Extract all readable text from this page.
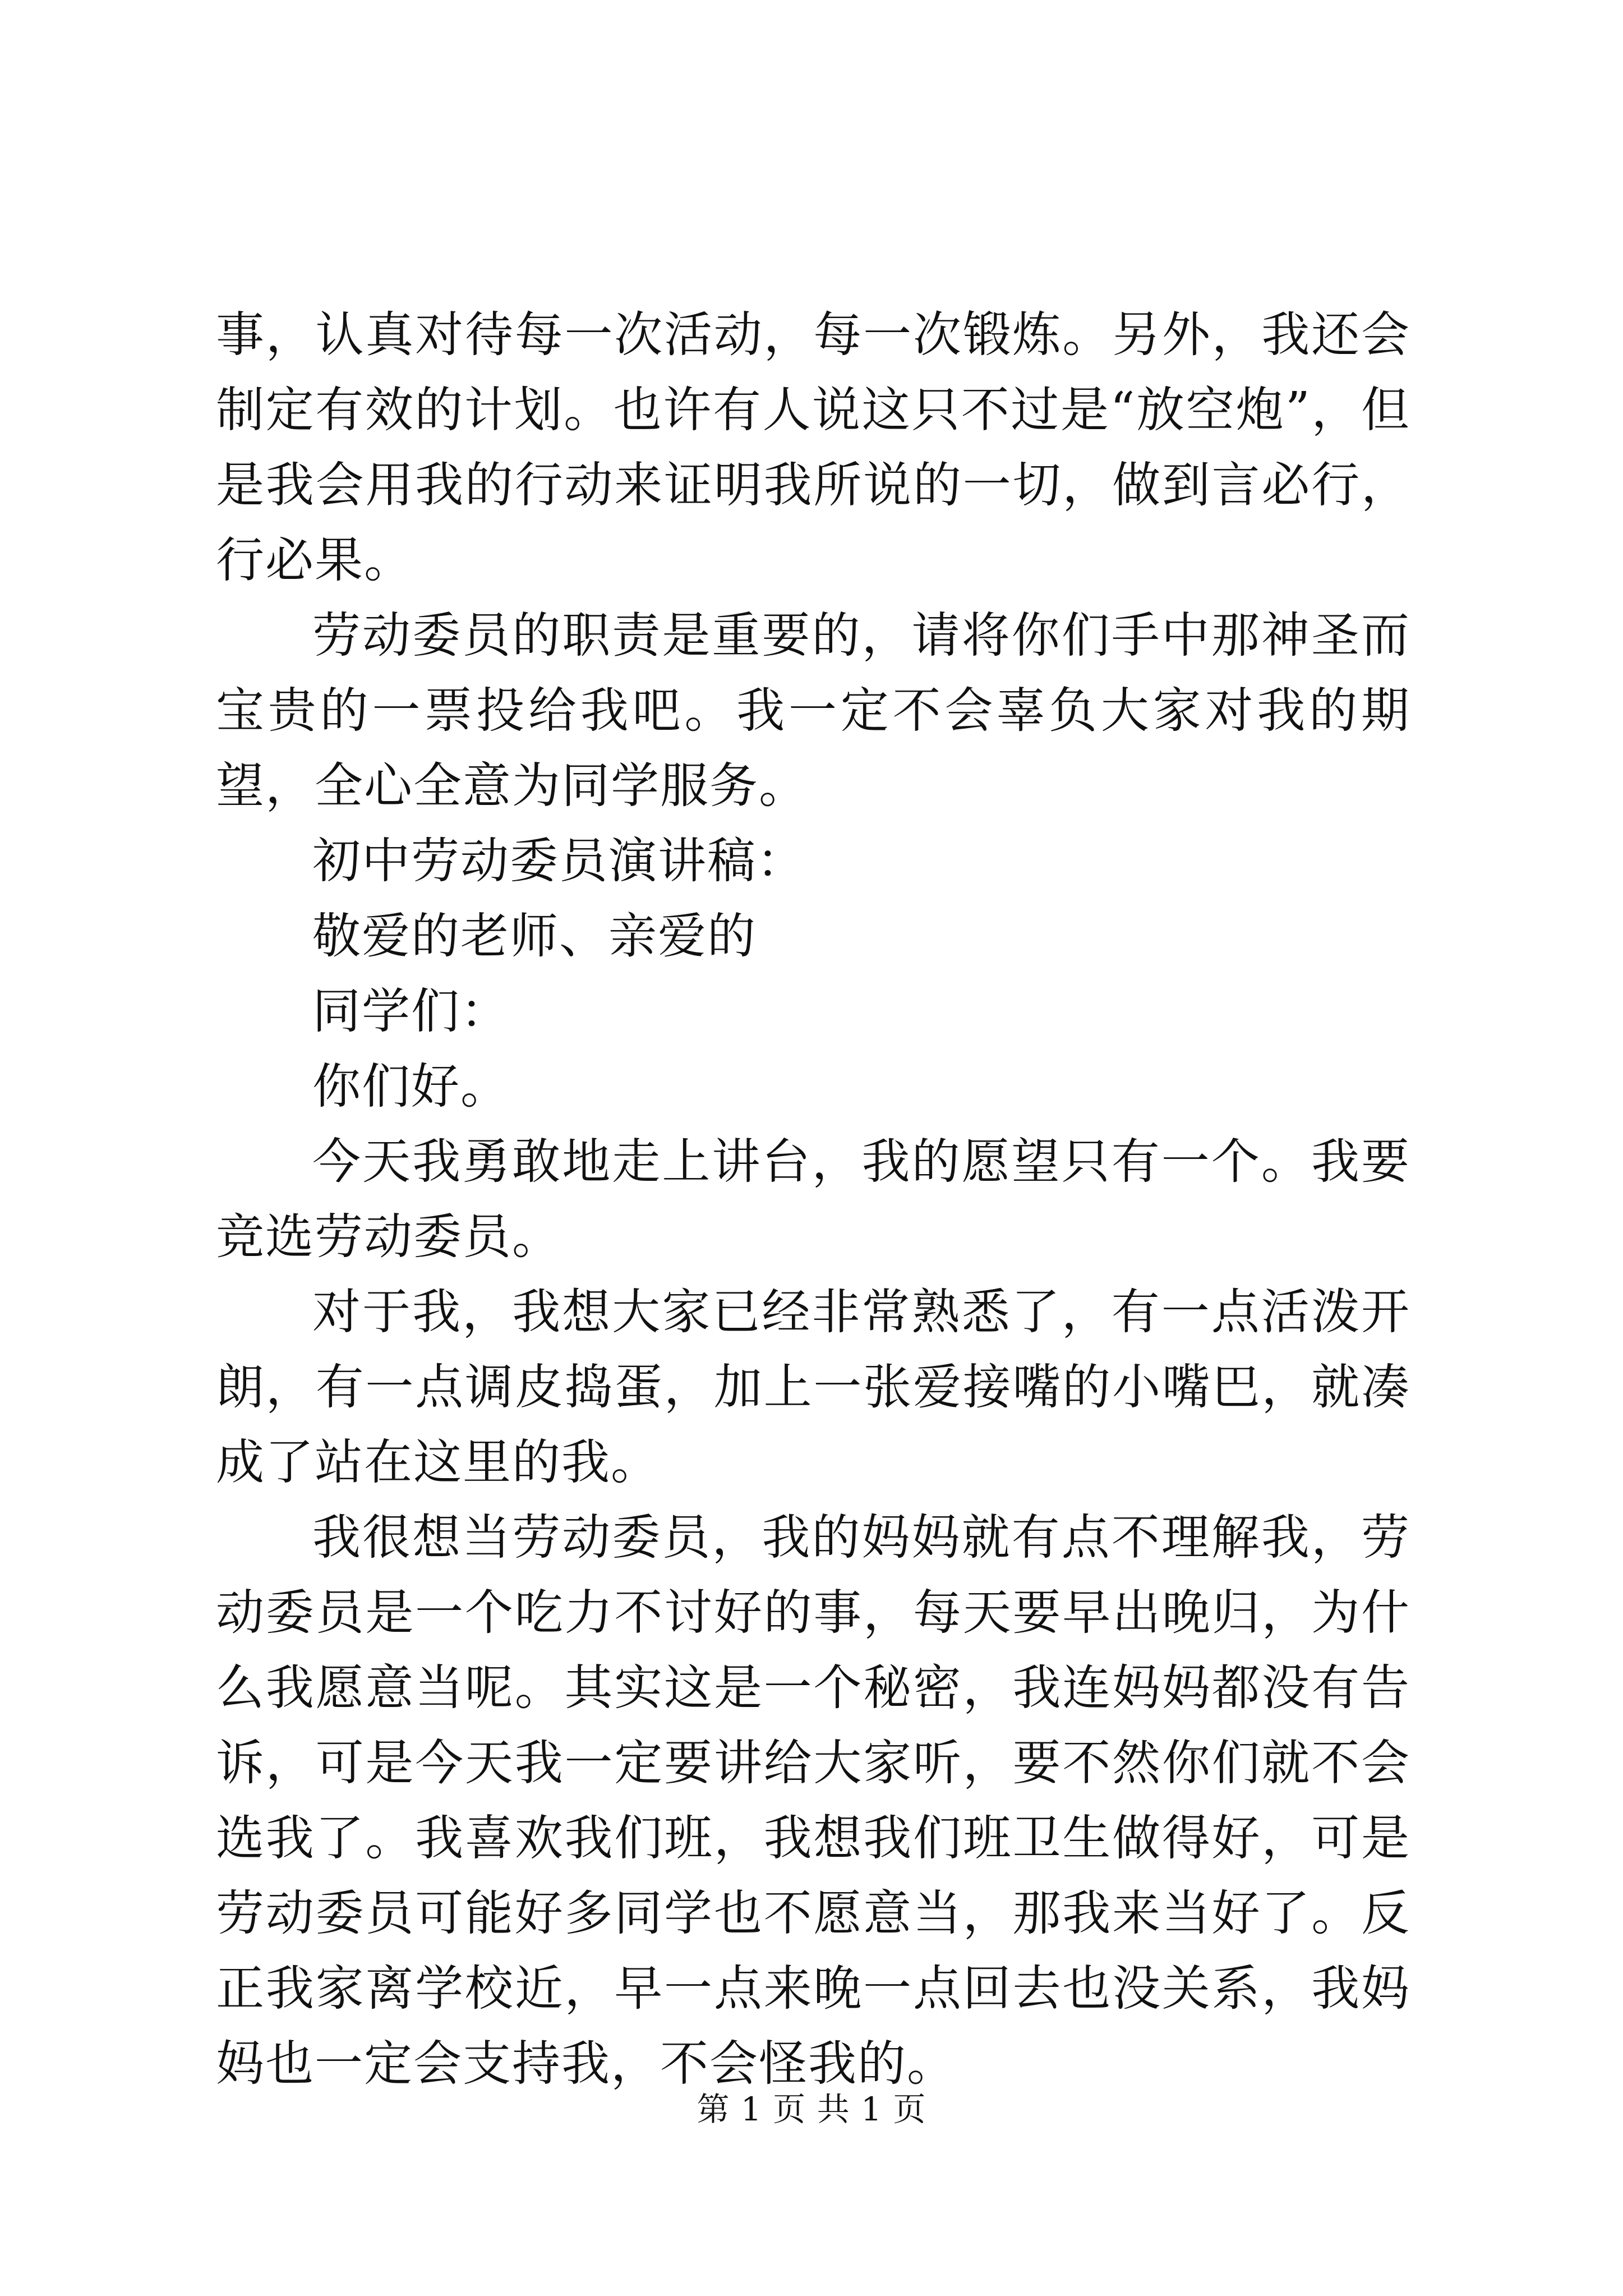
事，认真对待每一次活动，每一次锻炼。另外，我还会制定有效的计划。也许有人说这只不过是“放空炮”，但是我会用我的行动来证明我所说的一切，做到言必行，行必果。

劳动委员的职责是重要的，请将你们手中那神圣而宝贵的一票投给我吧。我一定不会辜负大家对我的期望，全心全意为同学服务。

初中劳动委员演讲稿：

敬爱的老师、亲爱的

同学们：

你们好。

今天我勇敢地走上讲台，我的愿望只有一个。我要竞选劳动委员。

对于我，我想大家已经非常熟悉了，有一点活泼开朗，有一点调皮捣蛋，加上一张爱接嘴的小嘴巴，就凑成了站在这里的我。

我很想当劳动委员，我的妈妈就有点不理解我，劳动委员是一个吃力不讨好的事，每天要早出晚归，为什么我愿意当呢。其实这是一个秘密，我连妈妈都没有告诉，可是今天我一定要讲给大家听，要不然你们就不会选我了。我喜欢我们班，我想我们班卫生做得好，可是劳动委员可能好多同学也不愿意当，那我来当好了。反正我家离学校近，早一点来晚一点回去也没关系，我妈妈也一定会支持我，不会怪我的。

第 1 页 共 1 页
